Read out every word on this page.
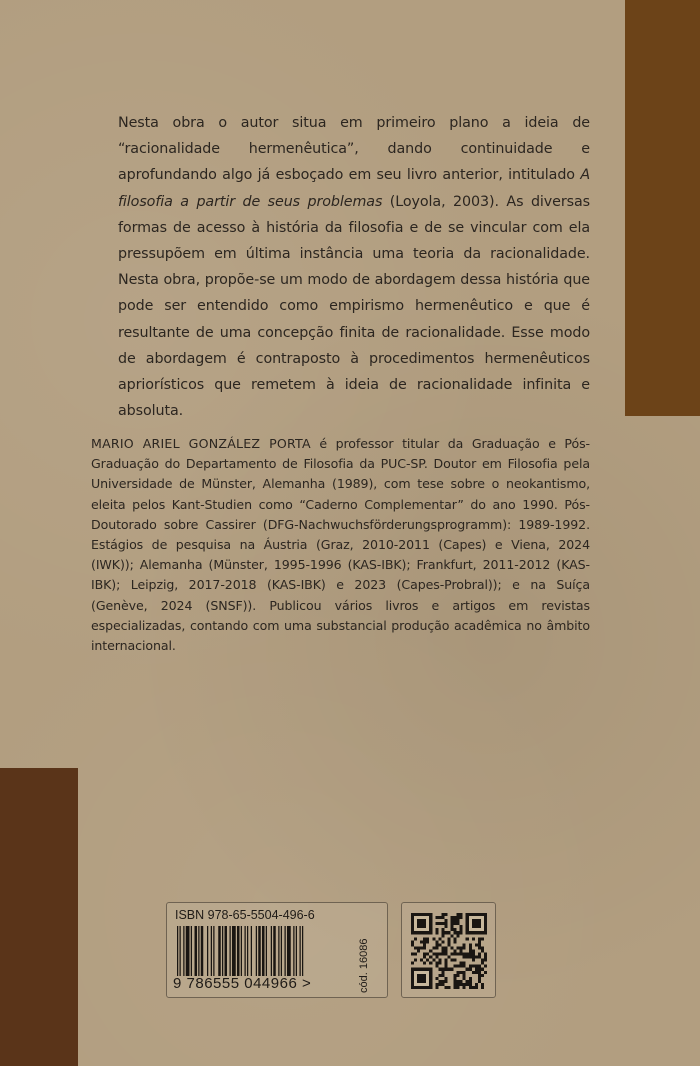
Nesta obra o autor situa em primeiro plano a ideia de “racionalidade hermenêutica”, dando continuidade e aprofundando algo já esboçado em seu livro anterior, intitulado A filosofia a partir de seus problemas (Loyola, 2003). As diversas formas de acesso à história da filosofia e de se vincular com ela pressupõem em última instância uma teoria da racionalidade. Nesta obra, propõe-se um modo de abordagem dessa história que pode ser entendido como empirismo hermenêutico e que é resultante de uma concepção finita de racionalidade. Esse modo de abordagem é contraposto à procedimentos hermenêuticos apriorísticos que remetem à ideia de racionalidade infinita e absoluta.

MARIO ARIEL GONZÁLEZ PORTA é professor titular da Graduação e Pós-Graduação do Departamento de Filosofia da PUC-SP. Doutor em Filosofia pela Universidade de Münster, Alemanha (1989), com tese sobre o neokantismo, eleita pelos Kant-Studien como “Caderno Complementar” do ano 1990. Pós-Doutorado sobre Cassirer (DFG-Nachwuchsförderungsprogramm): 1989-1992. Estágios de pesquisa na Áustria (Graz, 2010-2011 (Capes) e Viena, 2024 (IWK)); Alemanha (Münster, 1995-1996 (KAS-IBK); Frankfurt, 2011-2012 (KAS-IBK); Leipzig, 2017-2018 (KAS-IBK) e 2023 (Capes-Probral)); e na Suíça (Genève, 2024 (SNSF)). Publicou vários livros e artigos em revistas especializadas, contando com uma substancial produção acadêmica no âmbito internacional.

ISBN 978-65-5504-496-6
9 786555 044966 >	cód. 16086
